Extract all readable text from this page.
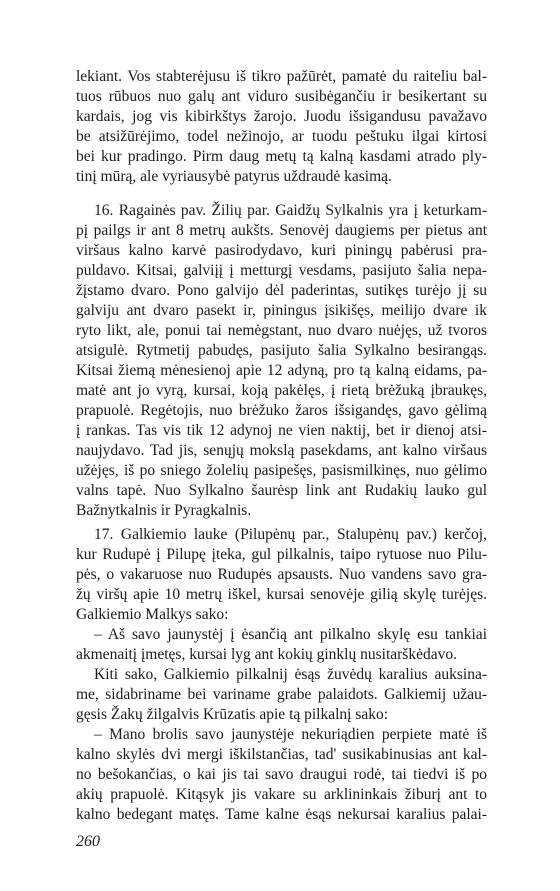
lekiant. Vos stabterėjusu iš tikro pažūrėt, pamatė du raiteliu bal-
tuos rūbuos nuo galų ant viduro susibėgančiu ir besikertant su
kardais, jog vis kibirkštys žarojo. Juodu išsigandusu pavažavo
be atsižūrėjimo, todel nežinojo, ar tuodu peštuku ilgai kirtosi
bei kur pradingo. Pirm daug metų tą kalną kasdami atrado ply-
tinį mūrą, ale vyriausybė patyrus uždraudė kasimą.
16. Ragainės pav. Žilių par. Gaidžų Sylkalnis yra į keturkam-
pį pailgs ir ant 8 metrų aukšts. Senovėj daugiems per pietus ant
viršaus kalno karvė pasirodydavo, kuri piningų pabėrusi pra-
puldavo. Kitsai, galviįį į metturgį vesdams, pasijuto šalia nepa-
žįstamo dvaro. Pono galvijo dėl paderintas, sutikęs turėjo jį su
galviju ant dvaro pasekt ir, piningus įsikišęs, meilijo dvare ik
ryto likt, ale, ponui tai nemėgstant, nuo dvaro nuėjęs, už tvoros
atsigulė. Rytmetij pabudęs, pasijuto šalia Sylkalno besirangąs.
Kitsai žiemą mėnesienoj apie 12 adyną, pro tą kalną eidams, pa-
matė ant jo vyrą, kursai, koją pakėlęs, į rietą brėžuką įbraukęs,
prapuolė. Regėtojis, nuo brėžuko žaros išsigandęs, gavo gėlimą
į rankas. Tas vis tik 12 adynoj ne vien naktij, bet ir dienoj atsi-
naujydavo. Tad jis, senųjų mokslą pasekdams, ant kalno viršaus
užėjęs, iš po sniego žolelių pasipešęs, pasismilkinęs, nuo gėlimo
valns tapė. Nuo Sylkalno šaurėsp link ant Rudakių lauko gul
Bažnytkalnis ir Pyragkalnis.
17. Galkiemio lauke (Pilupėnų par., Stalupėnų pav.) kerčoj,
kur Rudupė į Pilupę įteka, gul pilkalnis, taipo rytuose nuo Pilu-
pės, o vakaruose nuo Rudupės apsausts. Nuo vandens savo gra-
žų viršų apie 10 metrų iškel, kursai senovėje gilią skylę turėjęs.
Galkiemio Malkys sako:
– Aš savo jaunystėj į ėsančią ant pilkalno skylę esu tankiai
akmenaitį įmetęs, kursai lyg ant kokių ginklų nusitarškėdavo.
Kiti sako, Galkiemio pilkalnij ėsąs žuvėdų karalius auksina-
me, sidabriname bei variname grabe palaidots. Galkiemij užau-
gęsis Žakų žilgalvis Krūzatis apie tą pilkalnį sako:
– Mano brolis savo jaunystėje nekuriądien perpiete matė iš
kalno skylės dvi mergi iškilstančias, tad' susikabinusias ant kal-
no bešokančias, o kai jis tai savo draugui rodė, tai tiedvi iš po
akių prapuolė. Kitąsyk jis vakare su arklininkais žiburį ant to
kalno bedegant matęs. Tame kalne ėsąs nekursai karalius palai-

260
